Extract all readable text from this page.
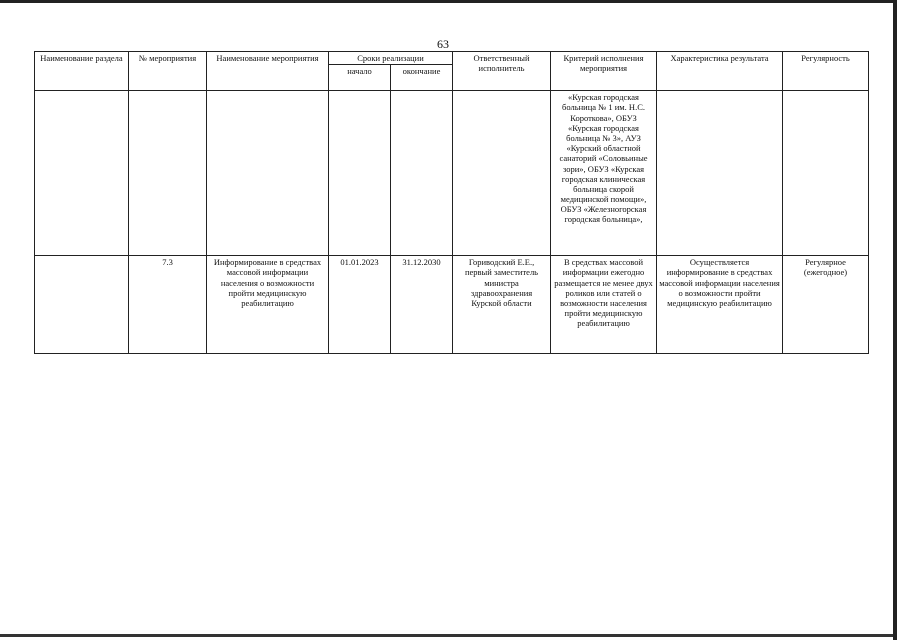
63
Наименование раздела	№ мероприятия	Наименование мероприятия	Сроки реализации		Ответственный исполнитель	Критерий исполнения мероприятия	Характеристика результата	Регулярность
			начало	окончание				
						«Курская городская больница № 1 им. Н.С. Короткова», ОБУЗ «Курская городская больница № 3», АУЗ «Курский областной санаторий «Соловьиные зори», ОБУЗ «Курская городская клиническая больница скорой медицинской помощи», ОБУЗ «Железногорская городская больница»,		
	7.3	Информирование в средствах массовой информации населения о возможности пройти медицинскую реабилитацию	01.01.2023	31.12.2030	Гориводский Е.Е., первый заместитель министра здравоохранения Курской области	В средствах массовой информации ежегодно размещается не менее двух роликов или статей о возможности населения пройти медицинскую реабилитацию	Осуществляется информирование в средствах массовой информации населения о возможности пройти медицинскую реабилитацию	Регулярное (ежегодное)
